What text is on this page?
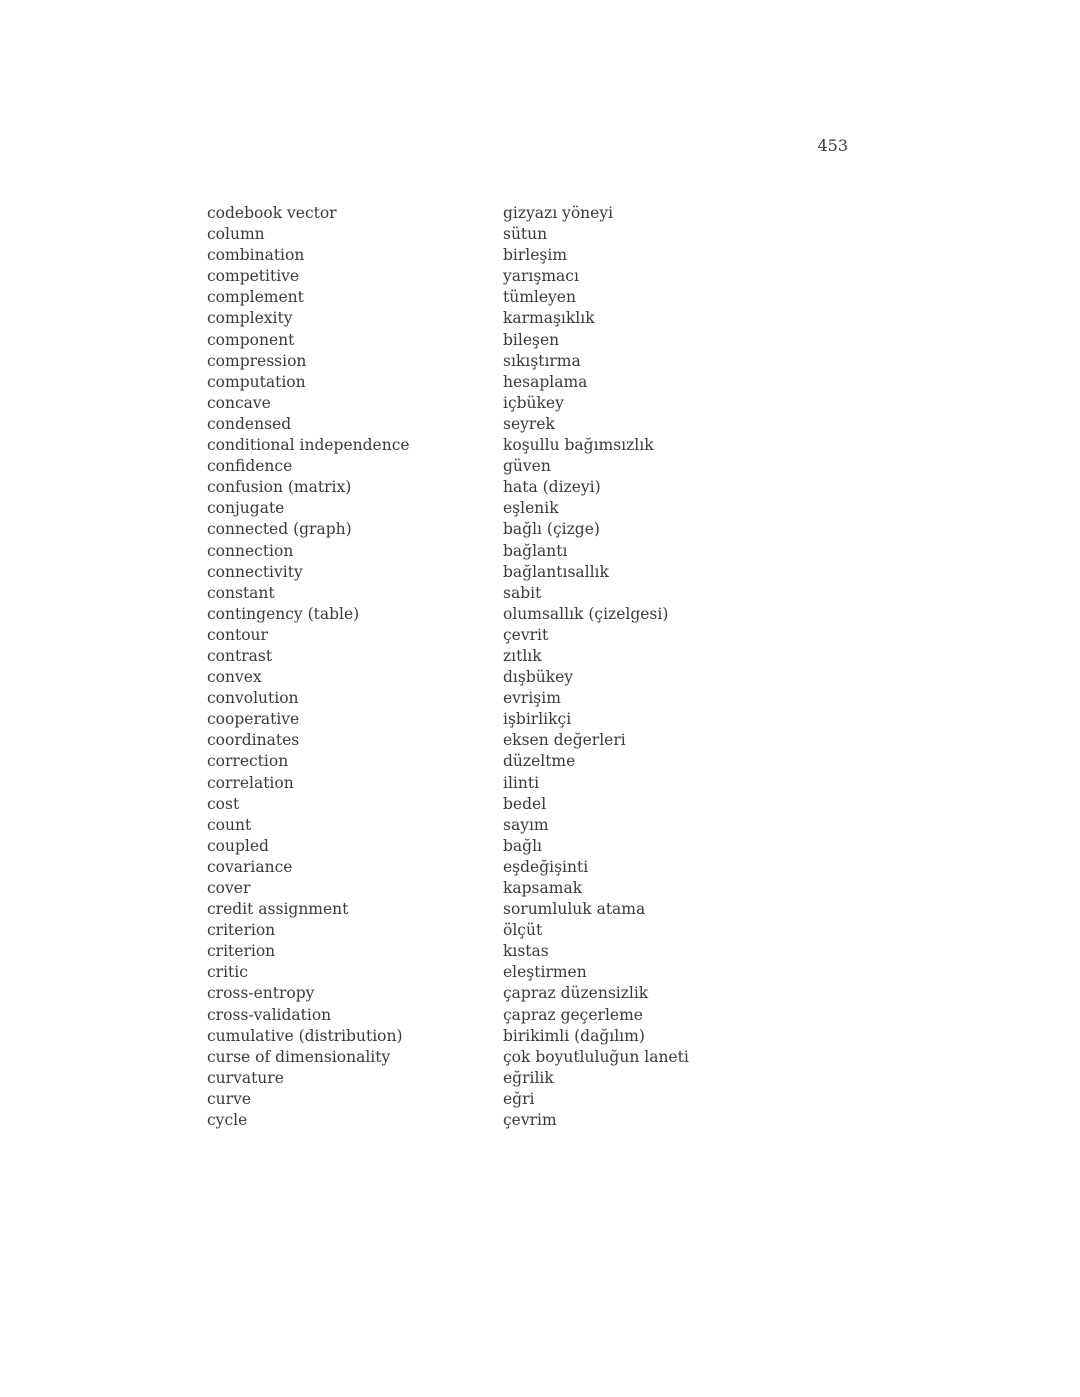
453
codebook vector	gizyazı yöneyi
column	sütun
combination	birleşim
competitive	yarışmacı
complement	tümleyen
complexity	karmaşıklık
component	bileşen
compression	sıkıştırma
computation	hesaplama
concave	içbükey
condensed	seyrek
conditional independence	koşullu bağımsızlık
confidence	güven
confusion (matrix)	hata (dizeyi)
conjugate	eşlenik
connected (graph)	bağlı (çizge)
connection	bağlantı
connectivity	bağlantısallık
constant	sabit
contingency (table)	olumsallık (çizelgesi)
contour	çevrit
contrast	zıtlık
convex	dışbükey
convolution	evrişim
cooperative	işbirlikçi
coordinates	eksen değerleri
correction	düzeltme
correlation	ilinti
cost	bedel
count	sayım
coupled	bağlı
covariance	eşdeğişinti
cover	kapsamak
credit assignment	sorumluluk atama
criterion	ölçüt
criterion	kıstas
critic	eleştirmen
cross-entropy	çapraz düzensizlik
cross-validation	çapraz geçerleme
cumulative (distribution)	birikimli (dağılım)
curse of dimensionality	çok boyutluluğun laneti
curvature	eğrilik
curve	eğri
cycle	çevrim
